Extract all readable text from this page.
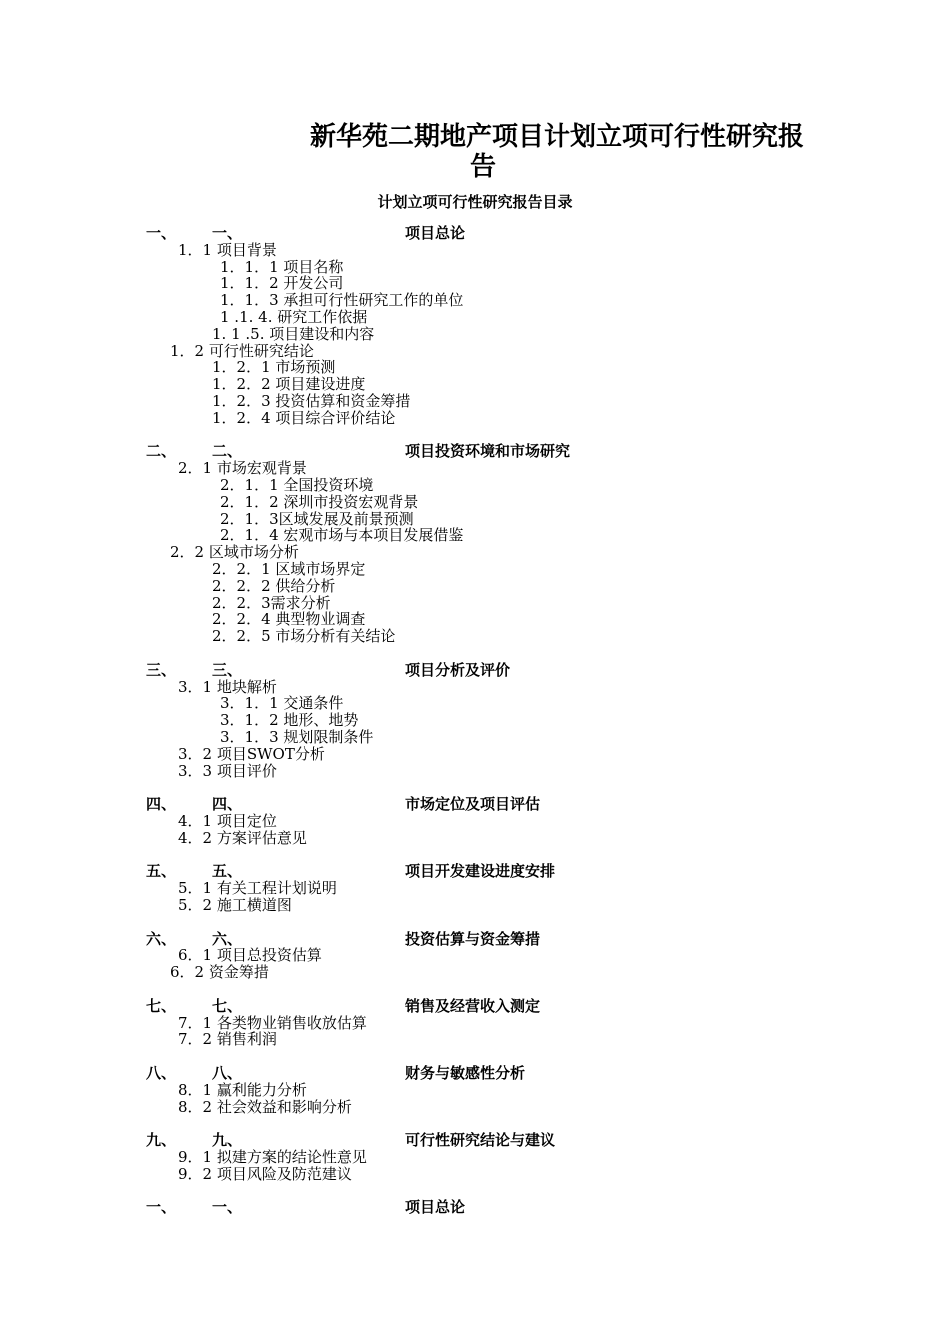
新华苑二期地产项目计划立项可行性研究报
告
计划立项可行性研究报告目录
一、 一、	项目总论
1．1 项目背景
1．1．1 项目名称
1．1．2 开发公司
1．1．3 承担可行性研究工作的单位
1 .1. 4. 研究工作依据
1. 1 .5. 项目建设和内容
1．2 可行性研究结论
1．2．1 市场预测
1．2．2 项目建设进度
1．2．3 投资估算和资金筹措
1．2．4 项目综合评价结论
二、 二、	项目投资环境和市场研究
2．1 市场宏观背景
2．1．1 全国投资环境
2．1．2 深圳市投资宏观背景
2．1．3区域发展及前景预测
2．1．4 宏观市场与本项目发展借鉴
2．2 区域市场分析
2．2．1 区域市场界定
2．2．2 供给分析
2．2．3需求分析
2．2．4 典型物业调查
2．2．5 市场分析有关结论
三、 三、	项目分析及评价
3．1 地块解析
3．1．1 交通条件
3．1．2 地形、地势
3．1．3 规划限制条件
3．2 项目SWOT分析
3．3 项目评价
四、 四、	市场定位及项目评估
4．1 项目定位
4．2 方案评估意见
五、 五、	项目开发建设进度安排
5．1 有关工程计划说明
5．2 施工横道图
六、 六、	投资估算与资金筹措
6．1 项目总投资估算
6．2 资金筹措
七、 七、	销售及经营收入测定
7．1 各类物业销售收放估算
7．2 销售利润
八、 八、	财务与敏感性分析
8．1 赢利能力分析
8．2 社会效益和影响分析
九、 九、	可行性研究结论与建议
9．1 拟建方案的结论性意见
9．2 项目风险及防范建议
一、 一、	项目总论
